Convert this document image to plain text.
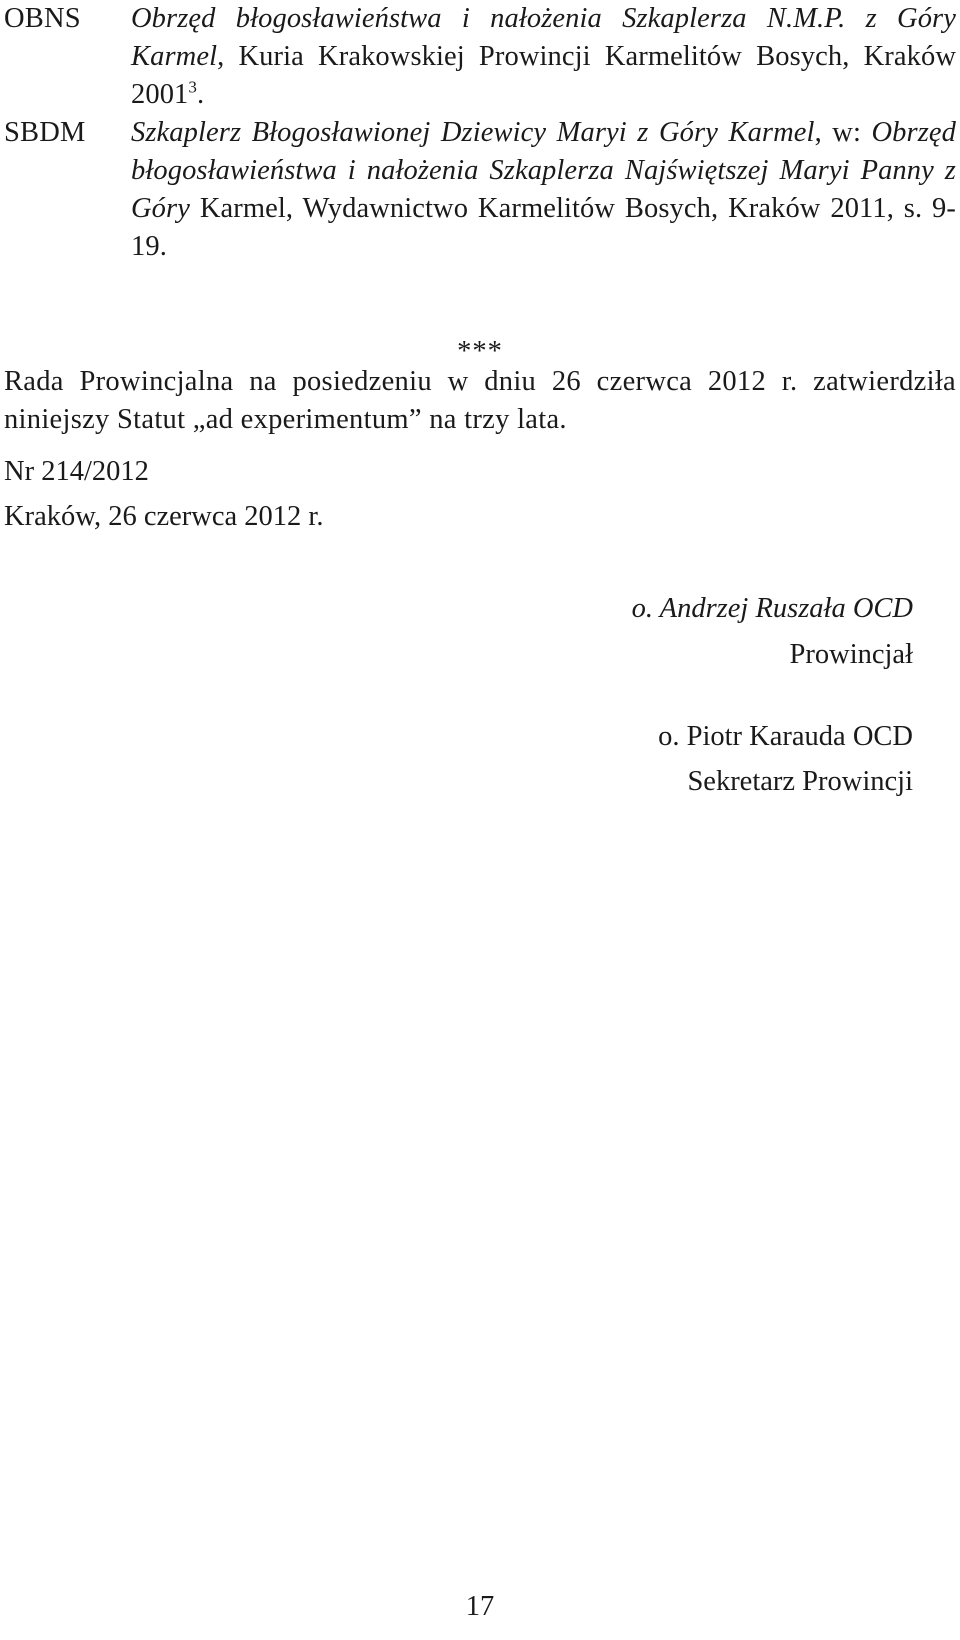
OBNS	Obrzęd błogosławieństwa i nałożenia Szkaplerza N.M.P. z Góry Karmel, Kuria Krakowskiej Prowincji Karmelitów Bosych, Kraków 2001$^3$.
SBDM	Szkaplerz Błogosławionej Dziewicy Maryi z Góry Karmel, w: Obrzęd błogosławieństwa i nałożenia Szkaplerza Najświętszej Maryi Panny z Góry Karmel, Wydawnictwo Karmelitów Bosych, Kraków 2011, s. 9-19.
***
Rada Prowincjalna na posiedzeniu w dniu 26 czerwca 2012 r. zatwierdziła niniejszy Statut „ad experimentum” na trzy lata.
Nr 214/2012
Kraków, 26 czerwca 2012 r.
o. Andrzej Ruszała OCD
Prowincjał
o. Piotr Karauda OCD
Sekretarz Prowincji
17
